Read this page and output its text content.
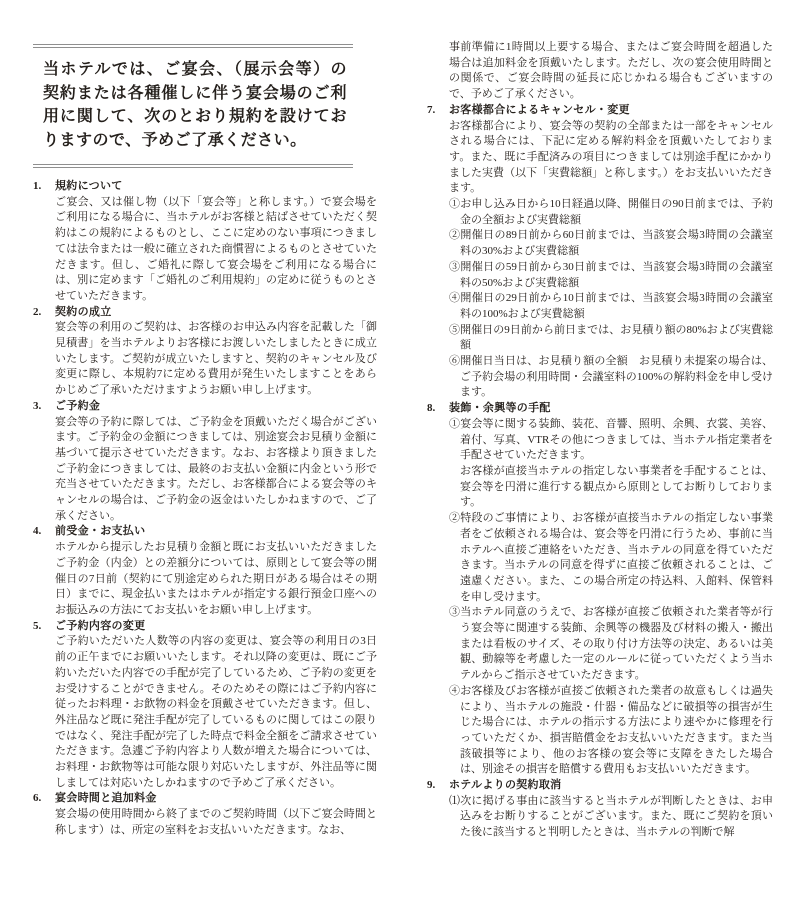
当ホテルでは、ご宴会、（展示会等）の契約または各種催しに伴う宴会場のご利用に関して、次のとおり規約を設けておりますので、予めご了承ください。

1. 規約について

ご宴会、又は催し物（以下「宴会等」と称します。）で宴会場をご利用になる場合に、当ホテルがお客様と結ばさせていただく契約はこの規約によるものとし、ここに定めのない事項につきましては法令または一般に確立された商慣習によるものとさせていただきます。但し、ご婚礼に際して宴会場をご利用になる場合には、別に定めます「ご婚礼のご利用規約」の定めに従うものとさせていただきます。

2. 契約の成立

宴会等の利用のご契約は、お客様のお申込み内容を記載した「御見積書」を当ホテルよりお客様にお渡しいたしましたときに成立いたします。ご契約が成立いたしますと、契約のキャンセル及び変更に際し、本規約7に定める費用が発生いたしますことをあらかじめご了承いただけますようお願い申し上げます。

3. ご予約金

宴会等の予約に際しては、ご予約金を頂戴いただく場合がございます。ご予約金の金額につきましては、別途宴会お見積り金額に基づいて提示させていただきます。なお、お客様より頂きましたご予約金につきましては、最終のお支払い金額に内金という形で充当させていただきます。ただし、お客様都合による宴会等のキャンセルの場合は、ご予約金の返金はいたしかねますので、ご了承ください。

4. 前受金・お支払い

ホテルから提示したお見積り金額と既にお支払いいただきましたご予約金（内金）との差額分については、原則として宴会等の開催日の7日前（契約にて別途定められた期日がある場合はその期日）までに、現金払いまたはホテルが指定する銀行預金口座へのお振込みの方法にてお支払いをお願い申し上げます。

5. ご予約内容の変更

ご予約いただいた人数等の内容の変更は、宴会等の利用日の3日前の正午までにお願いいたします。それ以降の変更は、既にご予約いただいた内容での手配が完了しているため、ご予約の変更をお受けすることができません。そのためその際にはご予約内容に従ったお料理・お飲物の料金を頂戴させていただきます。但し、外注品など既に発注手配が完了しているものに関してはこの限りではなく、発注手配が完了した時点で料金全額をご請求させていただきます。急遽ご予約内容より人数が増えた場合については、お料理・お飲物等は可能な限り対応いたしますが、外注品等に関しましては対応いたしかねますので予めご了承ください。

6. 宴会時間と追加料金

宴会場の使用時間から終了までのご契約時間（以下ご宴会時間と称します）は、所定の室料をお支払いいただきます。なお、

事前準備に1時間以上要する場合、またはご宴会時間を超過した場合は追加料金を頂戴いたします。ただし、次の宴会使用時間との関係で、ご宴会時間の延長に応じかねる場合もございますので、予めご了承ください。

7. お客様都合によるキャンセル・変更

お客様都合により、宴会等の契約の全部または一部をキャンセルされる場合には、下記に定める解約料金を頂戴いたしております。また、既に手配済みの項目につきましては別途手配にかかりました実費（以下「実費総額」と称します。）をお支払いいただきます。

①お申し込み日から10日経過以降、開催日の90日前までは、予約金の全額および実費総額

②開催日の89日前から60日前までは、当該宴会場3時間の会議室料の30%および実費総額

③開催日の59日前から30日前までは、当該宴会場3時間の会議室料の50%および実費総額

④開催日の29日前から10日前までは、当該宴会場3時間の会議室料の100%および実費総額

⑤開催日の9日前から前日までは、お見積り額の80%および実費総額

⑥開催日当日は、お見積り額の全額　お見積り未提案の場合は、ご予約会場の利用時間・会議室料の100%の解約料金を申し受けます。

8. 装飾・余興等の手配

①宴会等に関する装飾、装花、音響、照明、余興、衣裳、美容、着付、写真、VTRその他につきましては、当ホテル指定業者を手配させていただきます。

お客様が直接当ホテルの指定しない事業者を手配することは、宴会等を円滑に進行する観点から原則としてお断りしております。

②特段のご事情により、お客様が直接当ホテルの指定しない事業者をご依頼される場合は、宴会等を円滑に行うため、事前に当ホテルへ直接ご連絡をいただき、当ホテルの同意を得ていただきます。当ホテルの同意を得ずに直接ご依頼されることは、ご遠慮ください。また、この場合所定の持込料、入館料、保管料を申し受けます。

③当ホテル同意のうえで、お客様が直接ご依頼された業者等が行う宴会等に関連する装飾、余興等の機器及び材料の搬入・搬出または看板のサイズ、その取り付け方法等の決定、あるいは美観、動線等を考慮した一定のルールに従っていただくよう当ホテルからご指示させていただきます。

④お客様及びお客様が直接ご依頼された業者の故意もしくは過失により、当ホテルの施設・什器・備品などに破損等の損害が生じた場合には、ホテルの指示する方法により速やかに修理を行っていただくか、損害賠償金をお支払いいただきます。また当該破損等により、他のお客様の宴会等に支障をきたした場合は、別途その損害を賠償する費用もお支払いいただきます。

9. ホテルよりの契約取消

⑴次に掲げる事由に該当すると当ホテルが判断したときは、お申込みをお断りすることがございます。また、既にご契約を頂いた後に該当すると判明したときは、当ホテルの判断で解
